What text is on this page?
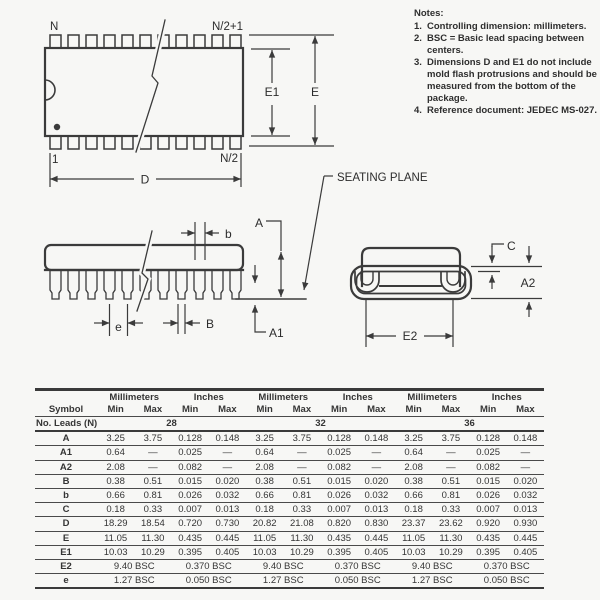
N	N/2+1
1	N/2
D
E1	E
b
e	B
A
A1
SEATING PLANE
C
A2
E2
Notes:
1. Controlling dimension: millimeters.
2. BSC = Basic lead spacing between centers.
3. Dimensions D and E1 do not include mold flash protrusions and should be measured from the bottom of the package.
4. Reference document: JEDEC MS-027.
	Millimeters		Inches		Millimeters		Inches		Millimeters		Inches	
Symbol	Min	Max	Min	Max	Min	Max	Min	Max	Min	Max	Min	Max
No. Leads (N)	28				32				36			
A	3.25	3.75	0.128	0.148	3.25	3.75	0.128	0.148	3.25	3.75	0.128	0.148
A1	0.64	—	0.025	—	0.64	—	0.025	—	0.64	—	0.025	—
A2	2.08	—	0.082	—	2.08	—	0.082	—	2.08	—	0.082	—
B	0.38	0.51	0.015	0.020	0.38	0.51	0.015	0.020	0.38	0.51	0.015	0.020
b	0.66	0.81	0.026	0.032	0.66	0.81	0.026	0.032	0.66	0.81	0.026	0.032
C	0.18	0.33	0.007	0.013	0.18	0.33	0.007	0.013	0.18	0.33	0.007	0.013
D	18.29	18.54	0.720	0.730	20.82	21.08	0.820	0.830	23.37	23.62	0.920	0.930
E	11.05	11.30	0.435	0.445	11.05	11.30	0.435	0.445	11.05	11.30	0.435	0.445
E1	10.03	10.29	0.395	0.405	10.03	10.29	0.395	0.405	10.03	10.29	0.395	0.405
E2	9.40 BSC		0.370 BSC		9.40 BSC		0.370 BSC		9.40 BSC		0.370 BSC	
e	1.27 BSC		0.050 BSC		1.27 BSC		0.050 BSC		1.27 BSC		0.050 BSC	
